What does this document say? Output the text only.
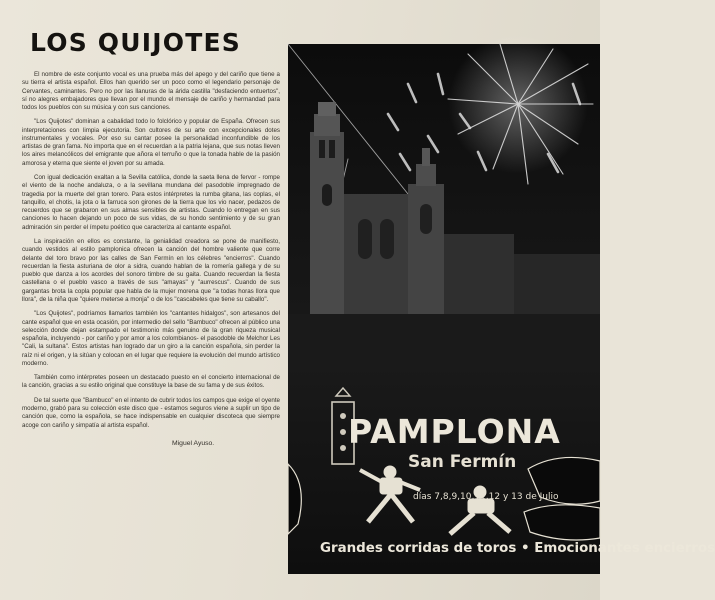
LOS QUIJOTES

El nombre de este conjunto vocal es una prueba más del apego y del cariño que tiene a su tierra el artista español. Ellos han querido ser un poco como el legendario personaje de Cervantes, caminantes. Pero no por las llanuras de la árida castilla "desfaciendo entuertos", sí no alegres embajadores que llevan por el mundo el mensaje de cariño y hermandad para todos los pueblos con su música y con sus canciones.

"Los Quijotes" dominan a cabalidad todo lo folclórico y popular de España. Ofrecen sus interpretaciones con limpia ejecutoria. Son cultores de su arte con excepcionales dotes instrumentales y vocales. Por eso su cantar posee la personalidad inconfundible de los artistas de gran fama. No importa que en el recuerdan a la patria lejana, que sus notas lleven los aires melancólicos del emigrante que añora el terruño o que la tonada hable de la pasión amorosa y eterna que siente el joven por su amada.

Con igual dedicación exaltan a la Sevilla católica, donde la saeta llena de fervor - rompe el viento de la noche andaluza, o a la sevillana mundana del pasodoble impregnado de tragedia por la muerte del gran torero. Para estos intérpretes la rumba gitana, las coplas, el tanquillo, el chotis, la jota o la farruca son girones de la tierra que los vio nacer, pedazos de recuerdos que se grabaron en sus almas sensibles de artistas. Cuando lo entregan en sus canciones lo hacen dejando un poco de sus vidas, de su hondo sentimiento y de su gran admiración sin perder el ímpetu poético que caracteriza al cantante español.

La inspiración en ellos es constante, la genialidad creadora se pone de manifiesto, cuando vestidos al estilo pamplonica ofrecen la canción del hombre valiente que corre delante del toro bravo por las calles de San Fermín en los célebres "encierros". Cuando recuerdan la fiesta asturiana de olor a sidra, cuando hablan de la romería gallega y de su pueblo que danza a los acordes del sonoro timbre de su gaita. Cuando recuerdan la fiesta castellana o el pueblo vasco a través de sus "amayas" y "aurrescus". Cuando de sus gargantas brota la copla popular que habla de la mujer morena que "a todas horas llora que llora", de la niña que "quiere meterse a monja" o de los "cascabeles que tiene su caballo".

"Los Quijotes", podríamos llamarlos también los "cantantes hidalgos", son artesanos del cante español que en esta ocasión, por intermedio del sello "Bambuco" ofrecen al público una selección donde dejan estampado el testimonio más genuino de la gran riqueza musical española, incluyendo - por cariño y por amor a los colombianos- el pasodoble de Melchor Les "Cali, la sultana". Estos artistas han logrado dar un giro a la canción española, sin perder la raíz ni el origen, y la sitúan y colocan en el lugar que requiere la evolución del mundo artístico moderno.

También como intérpretes poseen un destacado puesto en el concierto internacional de la canción, gracias a su estilo original que constituye la base de su fama y de sus éxitos.

De tal suerte que "Bambuco" en el intento de cubrir todos los campos que exige el oyente moderno, grabó para su colección este disco que - estamos seguros viene a suplir un tipo de canción que, como la española, se hace indispensable en cualquier discoteca que siempre acoge con cariño y simpatía al artista español.

Miguel Ayuso.	PAMPLONA
San Fermín
días 7,8,9,10,11,12 y 13 de Julio
Grandes corridas de toros • Emocionantes encierros
